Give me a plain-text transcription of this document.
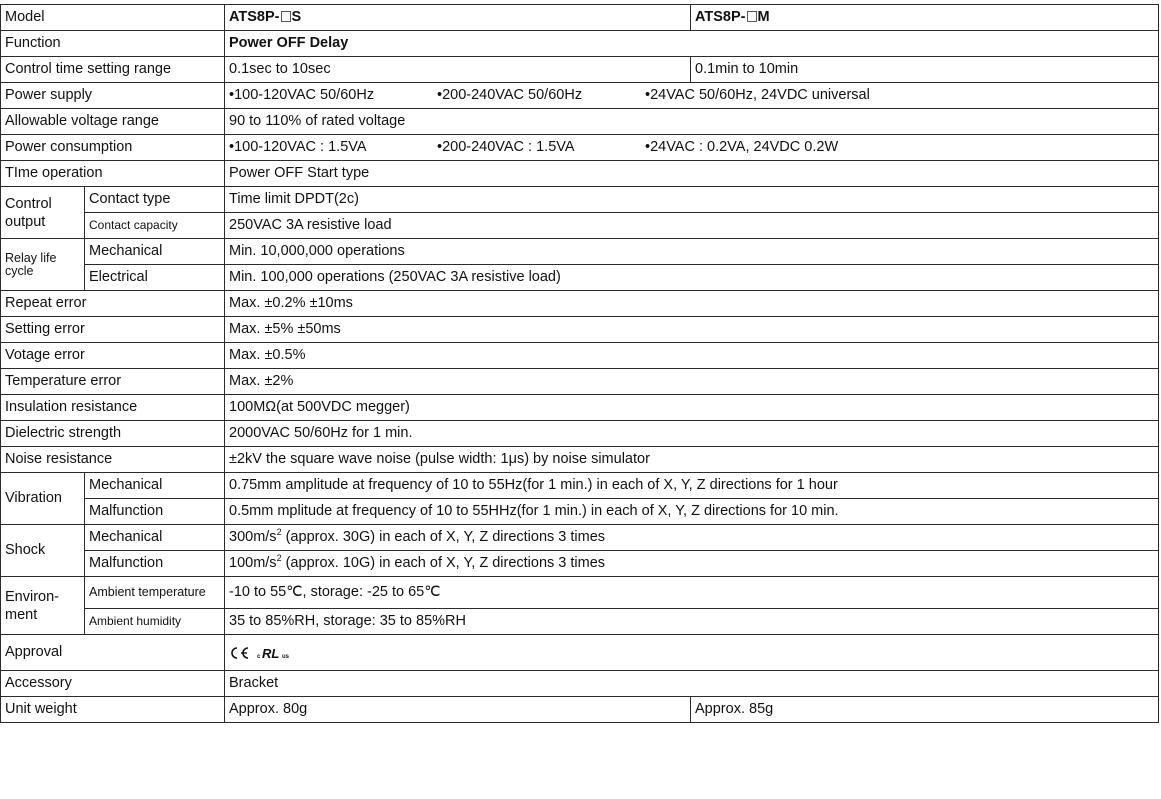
Model		ATS8P- S	ATS8P- M
Function		Power OFF Delay	
Control time setting range		0.1sec to 10sec	0.1min to 10min
Power supply		•100-120VAC 50/60Hz •200-240VAC 50/60Hz •24VAC 50/60Hz, 24VDC universal	
Allowable voltage range		90 to 110% of rated voltage	
Power consumption		•100-120VAC : 1.5VA •200-240VAC : 1.5VA •24VAC : 0.2VA, 24VDC 0.2W	
TIme operation		Power OFF Start type	
Control output	Contact type	Time limit DPDT(2c)	
	Contact capacity	250VAC 3A resistive load	
Relay life cycle	Mechanical	Min. 10,000,000 operations	
	Electrical	Min. 100,000 operations (250VAC 3A resistive load)	
Repeat error		Max. ±0.2% ±10ms	
Setting error		Max. ±5% ±50ms	
Votage error		Max. ±0.5%	
Temperature error		Max. ±2%	
Insulation resistance		100MΩ(at 500VDC megger)	
Dielectric strength		2000VAC 50/60Hz for 1 min.	
Noise resistance		±2kV the square wave noise (pulse width: 1μs) by noise simulator	
Vibration	Mechanical	0.75mm amplitude at frequency of 10 to 55Hz(for 1 min.) in each of X, Y, Z directions for 1 hour	
	Malfunction	0.5mm mplitude at frequency of 10 to 55HHz(for 1 min.) in each of X, Y, Z directions for 10 min.	
Shock	Mechanical	$300m/s^2$ (approx. 30G) in each of X, Y, Z directions 3 times	
	Malfunction	$100m/s^2$ (approx. 10G) in each of X, Y, Z directions 3 times	
Environ-ment	Ambient temperature	-10 to 55℃, storage: -25 to 65℃	
	Ambient humidity	35 to 85%RH, storage: 35 to 85%RH	
Approval		c RL us	

Accessory		Bracket	
Unit weight		Approx. 80g	Approx. 85g
